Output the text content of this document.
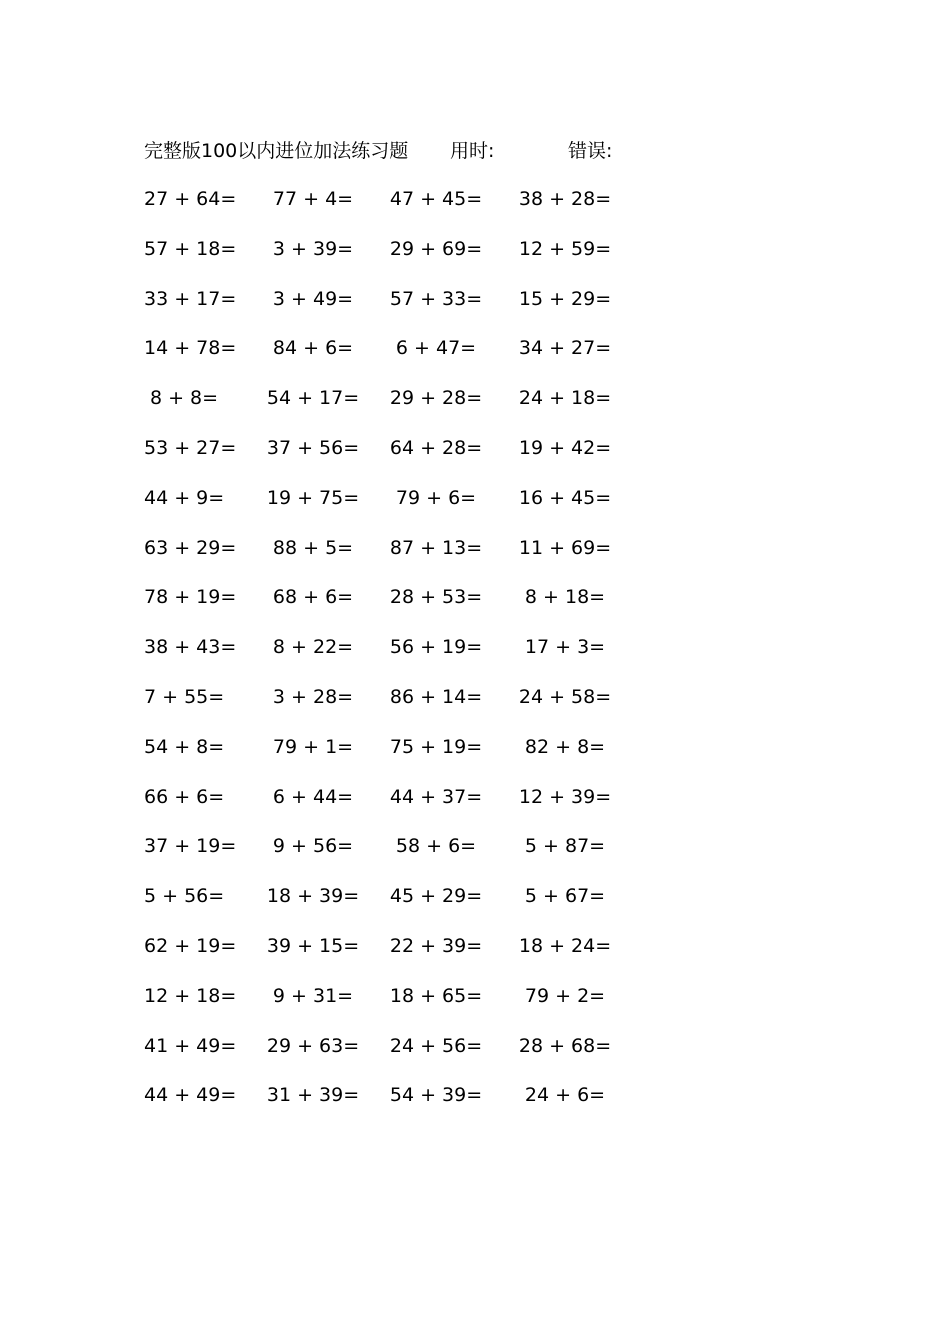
完整版100以内进位加法练习题 用时:	错误:
27 + 64= 77 + 4= 47 + 45= 38 + 28=
57 + 18= 3 + 39= 29 + 69= 12 + 59=
33 + 17= 3 + 49= 57 + 33= 15 + 29=
14 + 78= 84 + 6= 6 + 47= 34 + 27=
8 + 8=	54 + 17= 29 + 28= 24 + 18=
53 + 27= 37 + 56= 64 + 28= 19 + 42=
44 + 9= 19 + 75= 79 + 6= 16 + 45=
63 + 29= 88 + 5= 87 + 13= 11 + 69=
78 + 19= 68 + 6= 28 + 53= 8 + 18=
38 + 43= 8 + 22= 56 + 19= 17 + 3=
7 + 55=	3 + 28= 86 + 14= 24 + 58=
54 + 8=	79 + 1= 75 + 19= 82 + 8=
66 + 6=	6 + 44= 44 + 37= 12 + 39=
37 + 19= 9 + 56= 58 + 6=	5 + 87=
5 + 56= 18 + 39= 45 + 29= 5 + 67=
62 + 19= 39 + 15= 22 + 39= 18 + 24=
12 + 18= 9 + 31= 18 + 65= 79 + 2=
41 + 49= 29 + 63= 24 + 56= 28 + 68=
44 + 49= 31 + 39= 54 + 39= 24 + 6=
